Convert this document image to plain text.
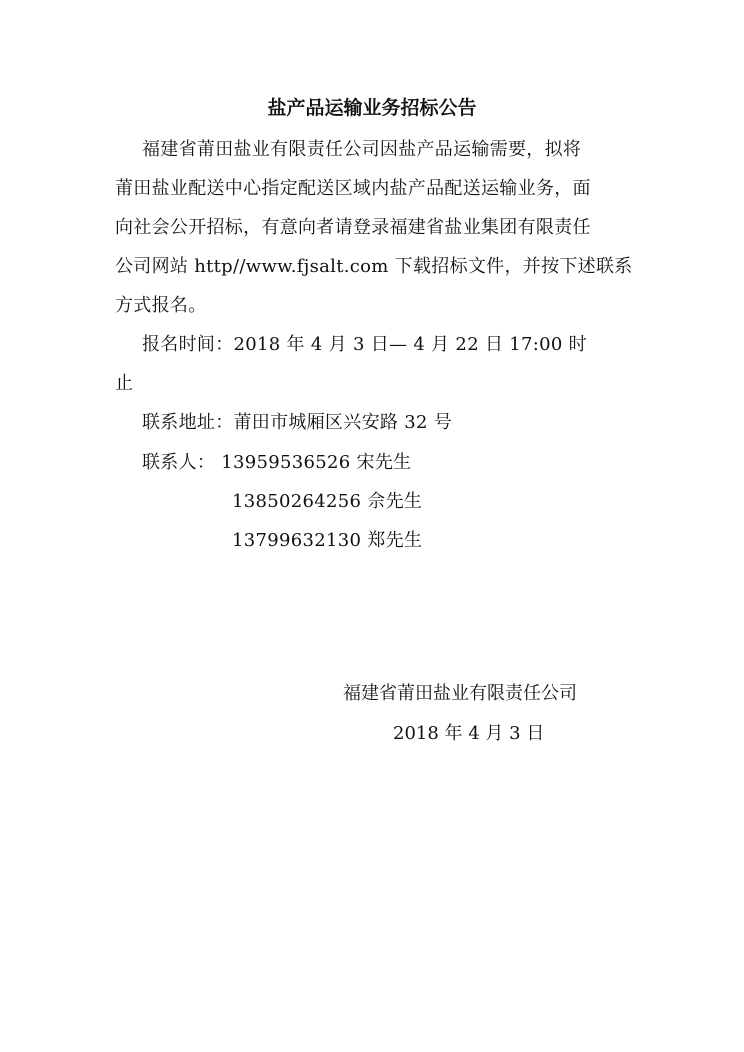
盐产品运输业务招标公告
福建省莆田盐业有限责任公司因盐产品运输需要，拟将
莆田盐业配送中心指定配送区域内盐产品配送运输业务，面
向社会公开招标，有意向者请登录福建省盐业集团有限责任
公司网站 http//www.fjsalt.com 下载招标文件，并按下述联系
方式报名。
报名时间：2018 年 4 月 3 日— 4 月 22 日 17:00 时
止
联系地址：莆田市城厢区兴安路 32 号
联系人： 13959536526 宋先生
13850264256 佘先生
13799632130 郑先生
福建省莆田盐业有限责任公司
2018 年 4 月 3 日
